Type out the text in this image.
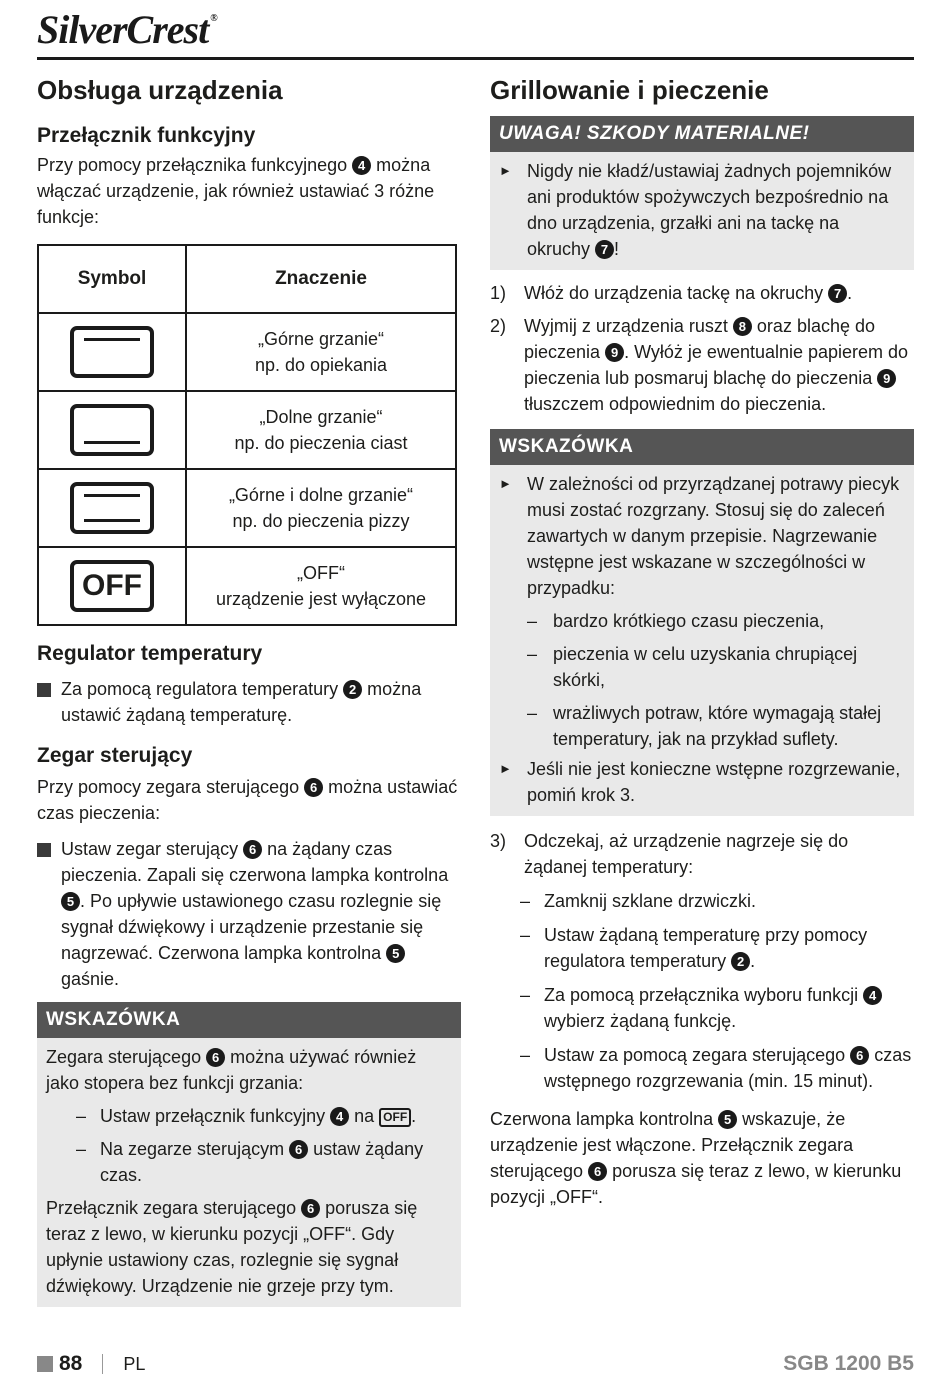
SilverCrest ®
Obsługa urządzenia
Przełącznik funkcyjny

Przy pomocy przełącznika funkcyjnego 4 można włączać urządzenie, jak również ustawiać 3 różne funkcje:

Symbol	Znaczenie

	„Górne grzanie“
np. do opiekania

	„Dolne grzanie“
np. do pieczenia ciast

	„Górne i dolne grzanie“
np. do pieczenia pizzy

OFF	„OFF“
urządzenie jest wyłączone
Regulator temperatury
Za pomocą regulatora temperatury 2 można ustawić żądaną temperaturę.
Zegar sterujący

Przy pomocy zegara sterującego 6 można ustawiać czas pieczenia:

Ustaw zegar sterujący 6 na żądany czas pieczenia. Zapali się czerwona lampka kontrolna 5 . Po upływie ustawionego czasu rozlegnie się sygnał dźwiękowy i urządzenie przestanie się nagrzewać. Czerwona lampka kontrolna 5 gaśnie.
WSKAZÓWKA

Zegara sterującego 6 można używać również jako stopera bez funkcji grzania:

– Ustaw przełącznik funkcyjny 4 na OFF .
– Na zegarze sterującym 6 ustaw żądany czas.

Przełącznik zegara sterującego 6 porusza się teraz z lewo, w kierunku pozycji „OFF“. Gdy upłynie ustawiony czas, rozlegnie się sygnał dźwiękowy. Urządzenie nie grzeje przy tym.

Grillowanie i pieczenie
UWAGA! SZKODY MATERIALNE!
► Nigdy nie kładź/ustawiaj żadnych pojemników ani produktów spożywczych bezpośrednio na dno urządzenia, grzałki ani na tackę na okruchy 7 !
1) Włóż do urządzenia tackę na okruchy 7 .
2) Wyjmij z urządzenia ruszt 8 oraz blachę do pieczenia 9 . Wyłóż je ewentualnie papierem do pieczenia lub posmaruj blachę do pieczenia 9 tłuszczem odpowiednim do pieczenia.
WSKAZÓWKA
► W zależności od przyrządzanej potrawy piecyk musi zostać rozgrzany. Stosuj się do zaleceń zawartych w danym przepisie. Nagrzewanie wstępne jest wskazane w szczególności w przypadku:
– bardzo krótkiego czasu pieczenia,
– pieczenia w celu uzyskania chrupiącej skórki,
– wrażliwych potraw, które wymagają stałej temperatury, jak na przykład suflety.
► Jeśli nie jest konieczne wstępne rozgrzewanie, pomiń krok 3.
3) Odczekaj, aż urządzenie nagrzeje się do żądanej temperatury:
– Zamknij szklane drzwiczki.
– Ustaw żądaną temperaturę przy pomocy regulatora temperatury 2 .
– Za pomocą przełącznika wyboru funkcji 4 wybierz żądaną funkcję.
– Ustaw za pomocą zegara sterującego 6 czas wstępnego rozgrzewania (min. 15 minut).

Czerwona lampka kontrolna 5 wskazuje, że urządzenie jest włączone. Przełącznik zegara sterującego 6 porusza się teraz z lewo, w kierunku pozycji „OFF“.

88 PL	SGB 1200 B5
